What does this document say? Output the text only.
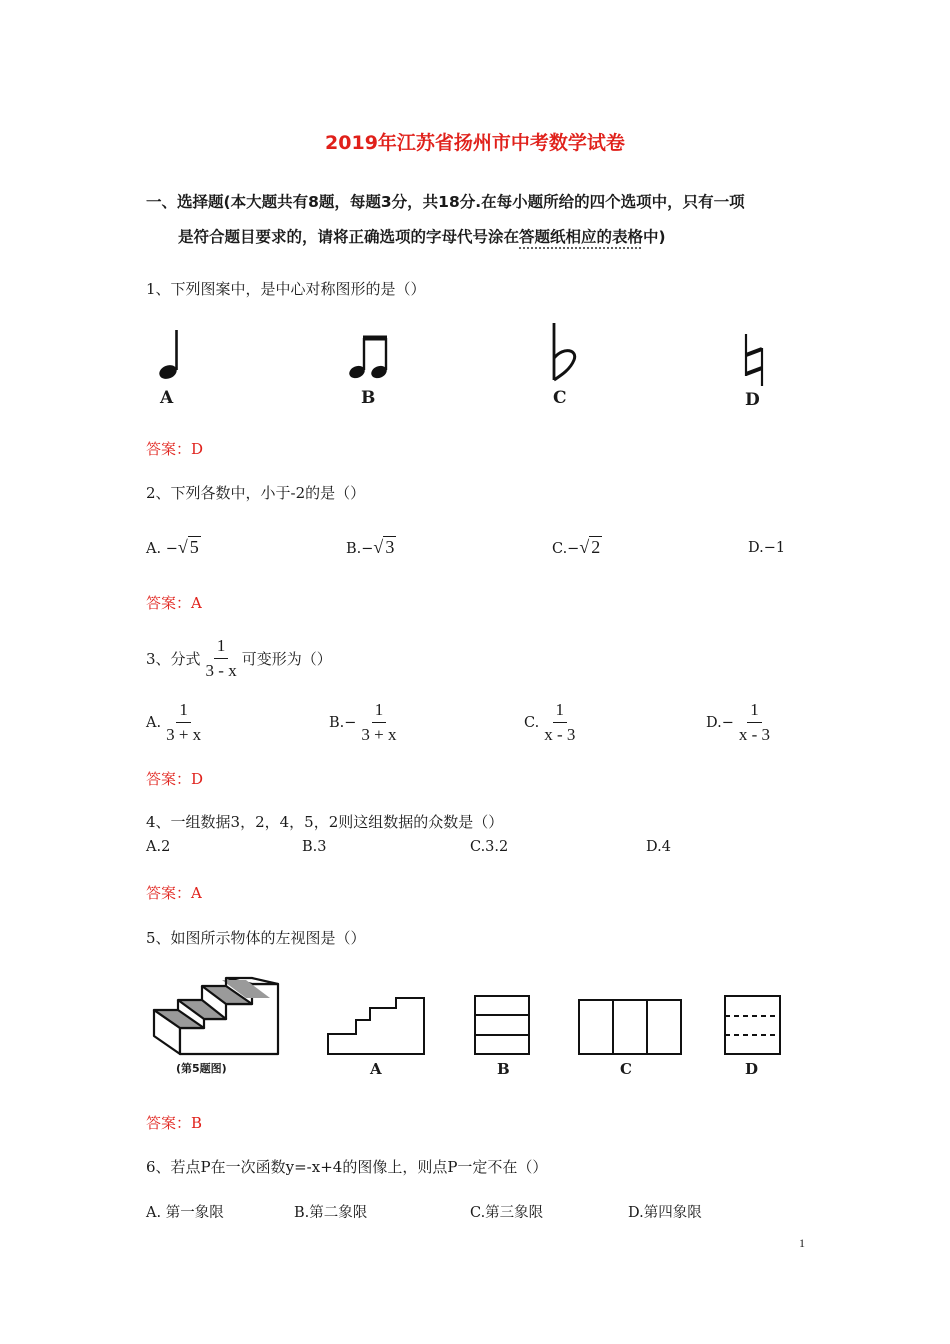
2019年江苏省扬州市中考数学试卷
一、选择题(本大题共有8题，每题3分，共18分.在每小题所给的四个选项中，只有一项
是符合题目要求的，请将正确选项的字母代号涂在答题纸相应的表格中)
1、下列图案中，是中心对称图形的是（）
A	B	C	D
答案：D
2、下列各数中，小于-2的是（）
A. −√ 5	B.−√ 3	C.−√ 2	D.−1
答案：A
3、分式 $\frac{1}{3 - x}$ 可变形为（）
A. $\frac{1}{3 + x}$	$B.- \frac{1}{3 + x}$	C. $\frac{1}{x - 3}$	$D.- \frac{1}{x - 3}$
答案：D
4、一组数据3，2，4，5，2则这组数据的众数是（）
A.2	B.3	C.3.2	D.4
答案：A
5、如图所示物体的左视图是（）
(第5题图)	A	B	C	D
答案：B
6、若点P在一次函数y=-x+4的图像上，则点P一定不在（）
A. 第一象限	B.第二象限	C.第三象限	D.第四象限
1
